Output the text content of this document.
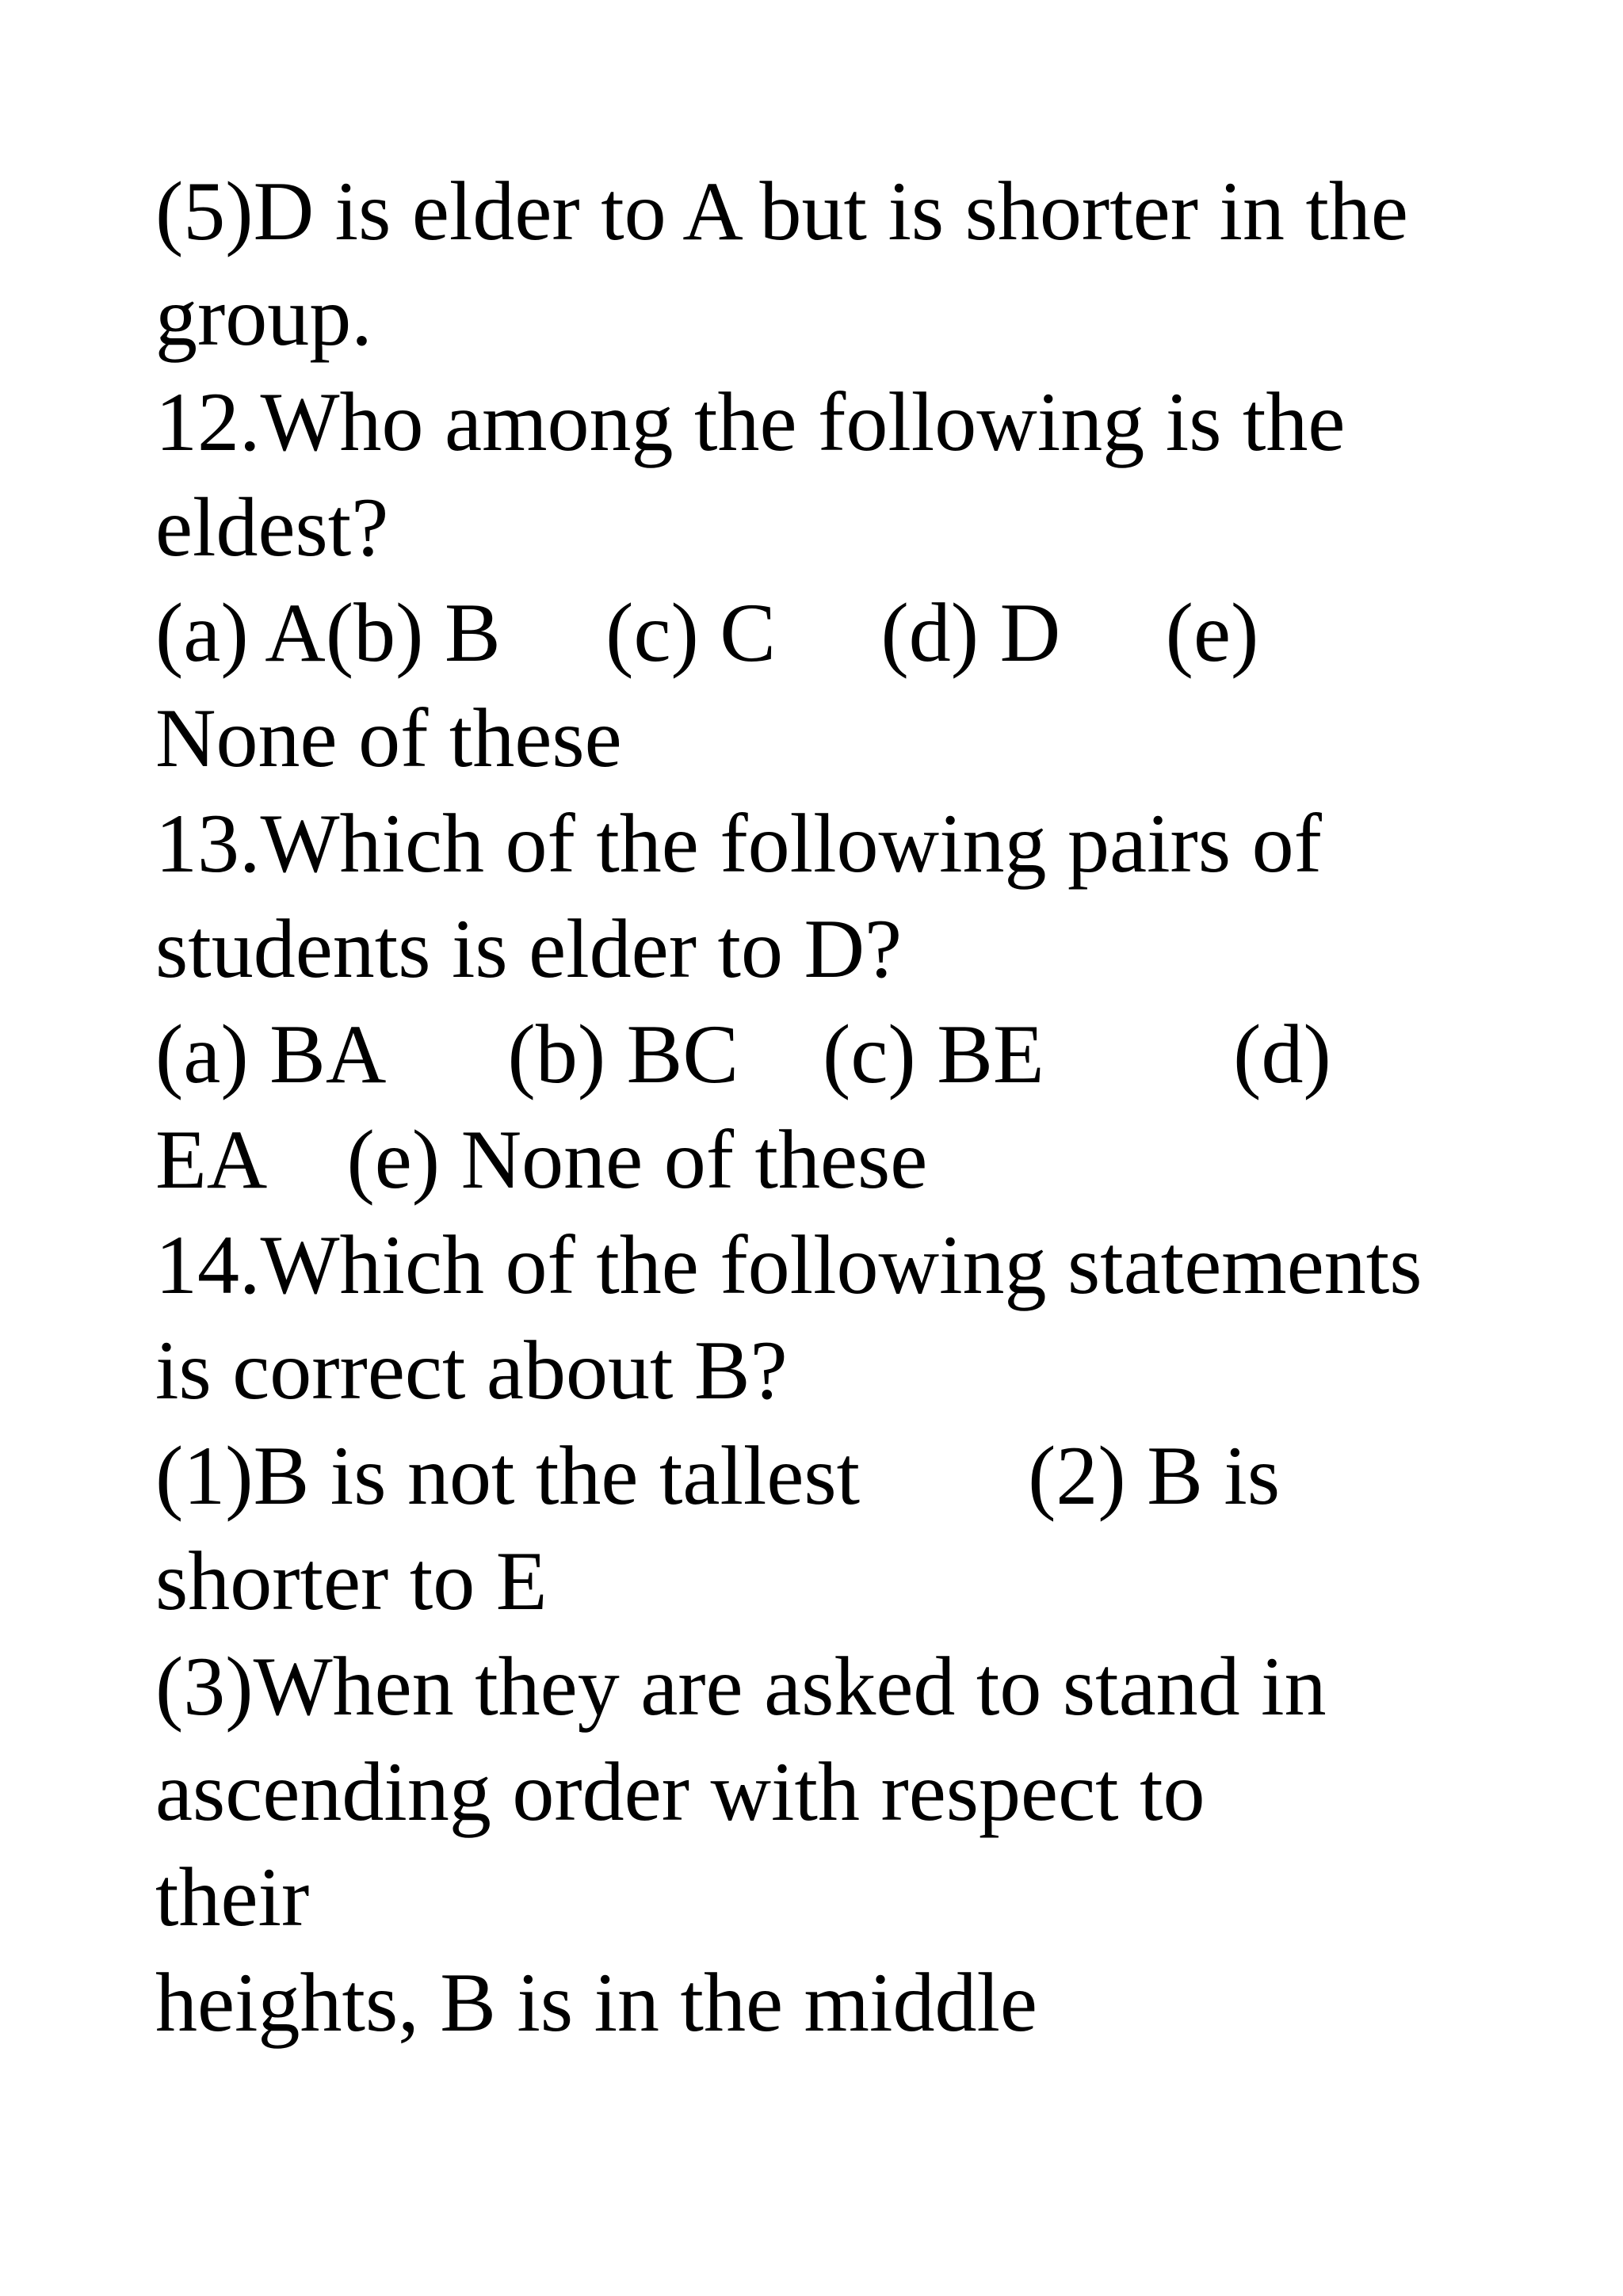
(5)D is elder to A but is shorter in the
group.
12.Who among the following is the
eldest?
(a) A(b) B     (c) C     (d) D     (e)
None of these
13.Which of the following pairs of
students is elder to D?
(a) BA      (b) BC    (c) BE         (d)
EA    (e) None of these
14.Which of the following statements
is correct about B?
(1)B is not the tallest        (2) B is
shorter to E
(3)When they are asked to stand in
ascending order with respect to
their
heights, B is in the middle
